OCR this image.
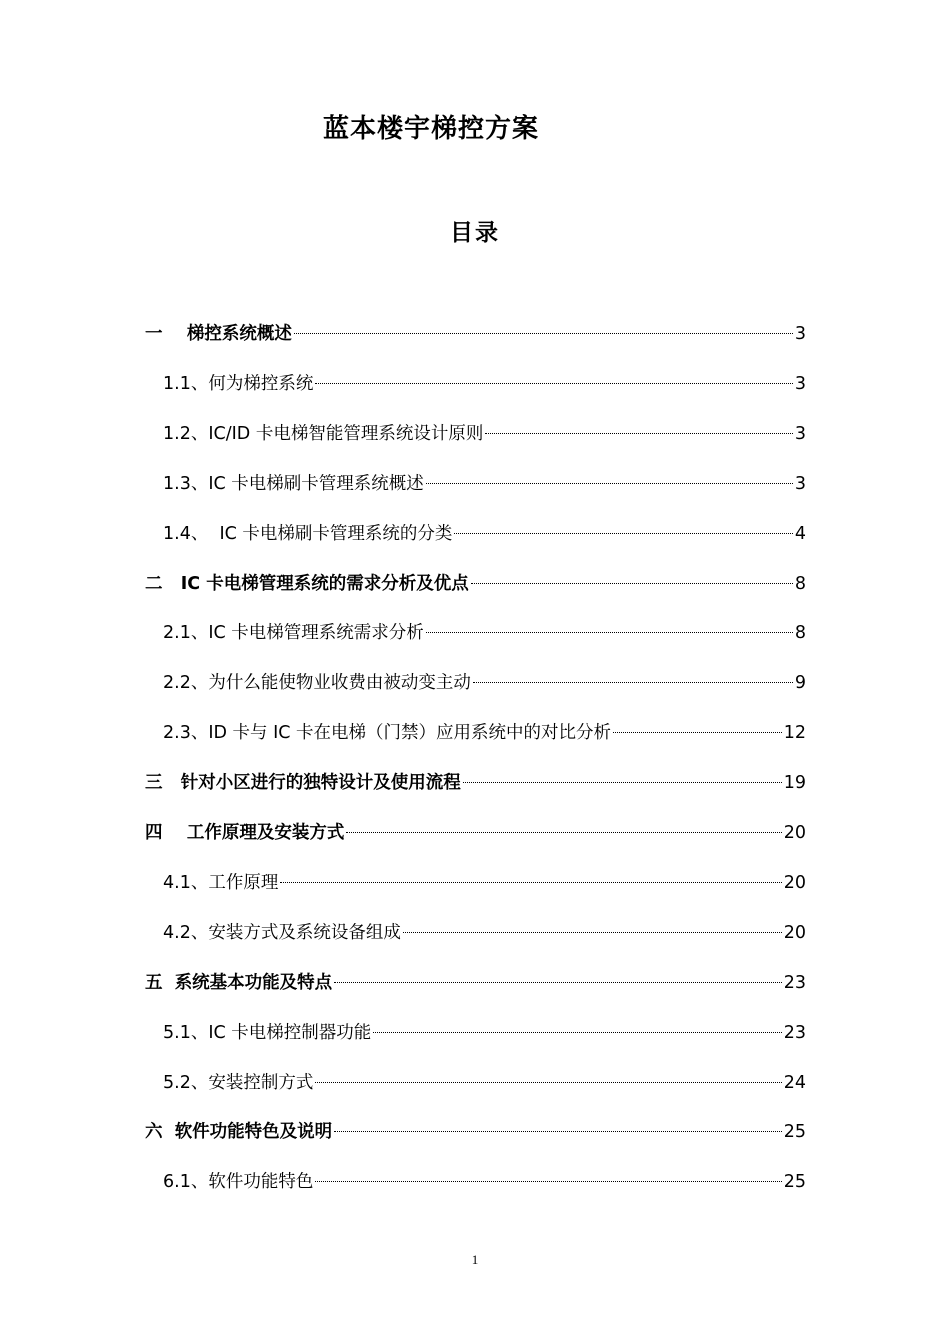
蓝本楼宇梯控方案
目录
一 梯控系统概述	3
1.1、 何为梯控系统	3
1.2、 IC/ID 卡电梯智能管理系统设计原则	3
1.3、 IC 卡电梯刷卡管理系统概述	3
1.4、 IC 卡电梯刷卡管理系统的分类	4
二 IC 卡电梯管理系统的需求分析及优点	8
2.1、 IC 卡电梯管理系统需求分析	8
2.2、 为什么能使物业收费由被动变主动	9
2.3、 ID 卡与 IC 卡在电梯（门禁）应用系统中的对比分析	12
三 针对小区进行的独特设计及使用流程	19
四 工作原理及安装方式	20
4.1、 工作原理	20
4.2、 安装方式及系统设备组成	20
五 系统基本功能及特点	23
5.1、 IC 卡电梯控制器功能	23
5.2、 安装控制方式	24
六 软件功能特色及说明	25
6.1、 软件功能特色	25
1
